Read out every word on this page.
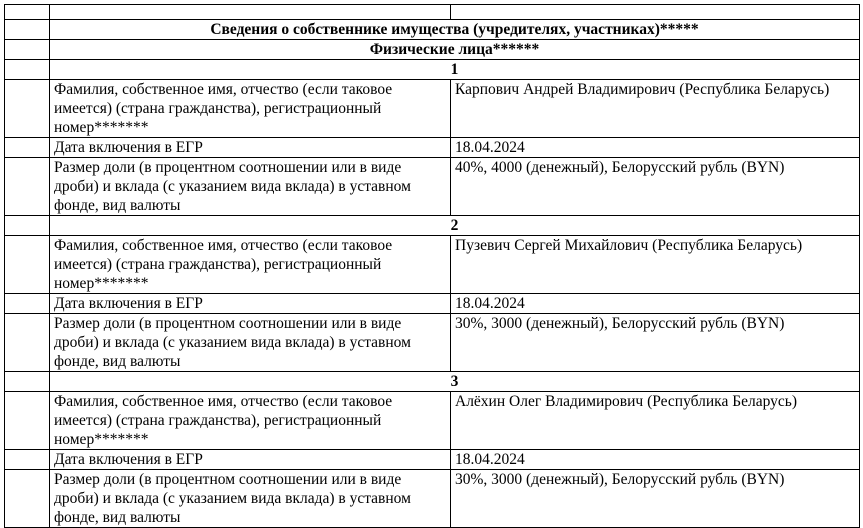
	Сведения о собственнике имущества (учредителях, участниках)*****	
	Физические лица******	
	1	
	Фамилия, собственное имя, отчество (если таковое имеется) (страна гражданства), регистрационный номер*******	Карпович Андрей Владимирович (Республика Беларусь)
	Дата включения в ЕГР	18.04.2024
	Размер доли (в процентном соотношении или в виде дроби) и вклада (с указанием вида вклада) в уставном фонде, вид валюты	40%, 4000 (денежный), Белорусский рубль (BYN)
	2	
	Фамилия, собственное имя, отчество (если таковое имеется) (страна гражданства), регистрационный номер*******	Пузевич Сергей Михайлович (Республика Беларусь)
	Дата включения в ЕГР	18.04.2024
	Размер доли (в процентном соотношении или в виде дроби) и вклада (с указанием вида вклада) в уставном фонде, вид валюты	30%, 3000 (денежный), Белорусский рубль (BYN)
	3	
	Фамилия, собственное имя, отчество (если таковое имеется) (страна гражданства), регистрационный номер*******	Алёхин Олег Владимирович (Республика Беларусь)
	Дата включения в ЕГР	18.04.2024
	Размер доли (в процентном соотношении или в виде дроби) и вклада (с указанием вида вклада) в уставном фонде, вид валюты	30%, 3000 (денежный), Белорусский рубль (BYN)
